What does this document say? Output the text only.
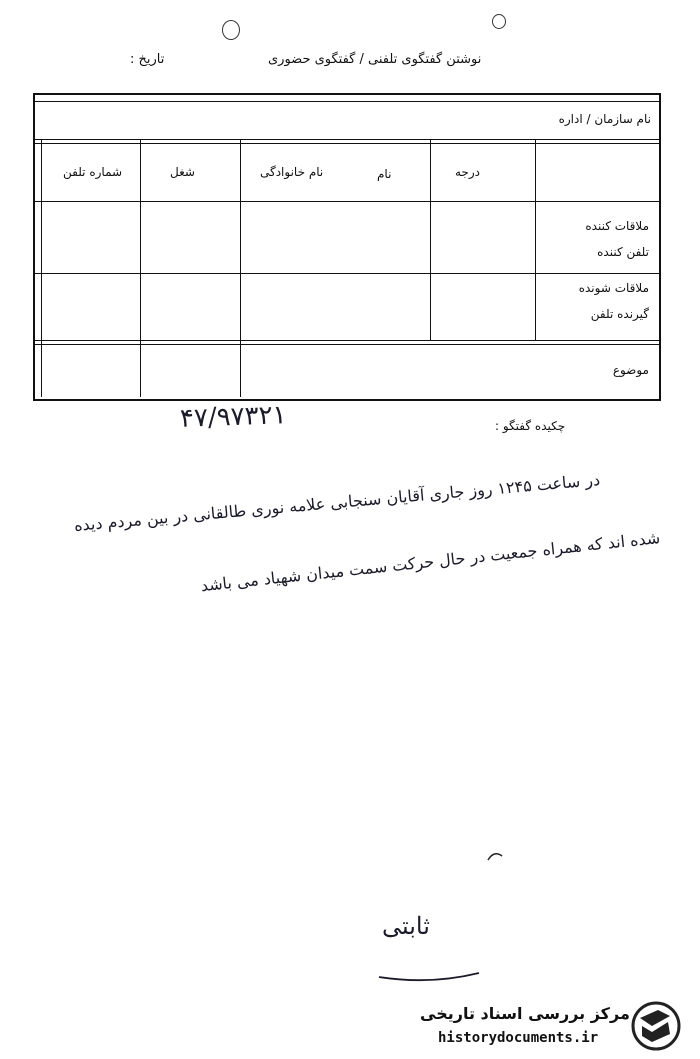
نوشتن گفتگوی تلفنی / گفتگوی حضوری
تاریخ :
نام سازمان / اداره
درجه
نام
نام خانوادگی
شغل
شماره تلفن
ملاقات کننده
تلفن کننده
ملاقات شونده
گیرنده تلفن
موضوع
چکیده گفتگو :
۴۷/۹۷۳۲۱
در ساعت ۱۲۴۵ روز جاری آقایان سنجابی علامه نوری طالقانی در بین مردم دیده
شده اند که همراه جمعیت در حال حرکت سمت میدان شهیاد می باشد
ثابتی
مرکز بررسی اسناد تاریخی
historydocuments.ir
